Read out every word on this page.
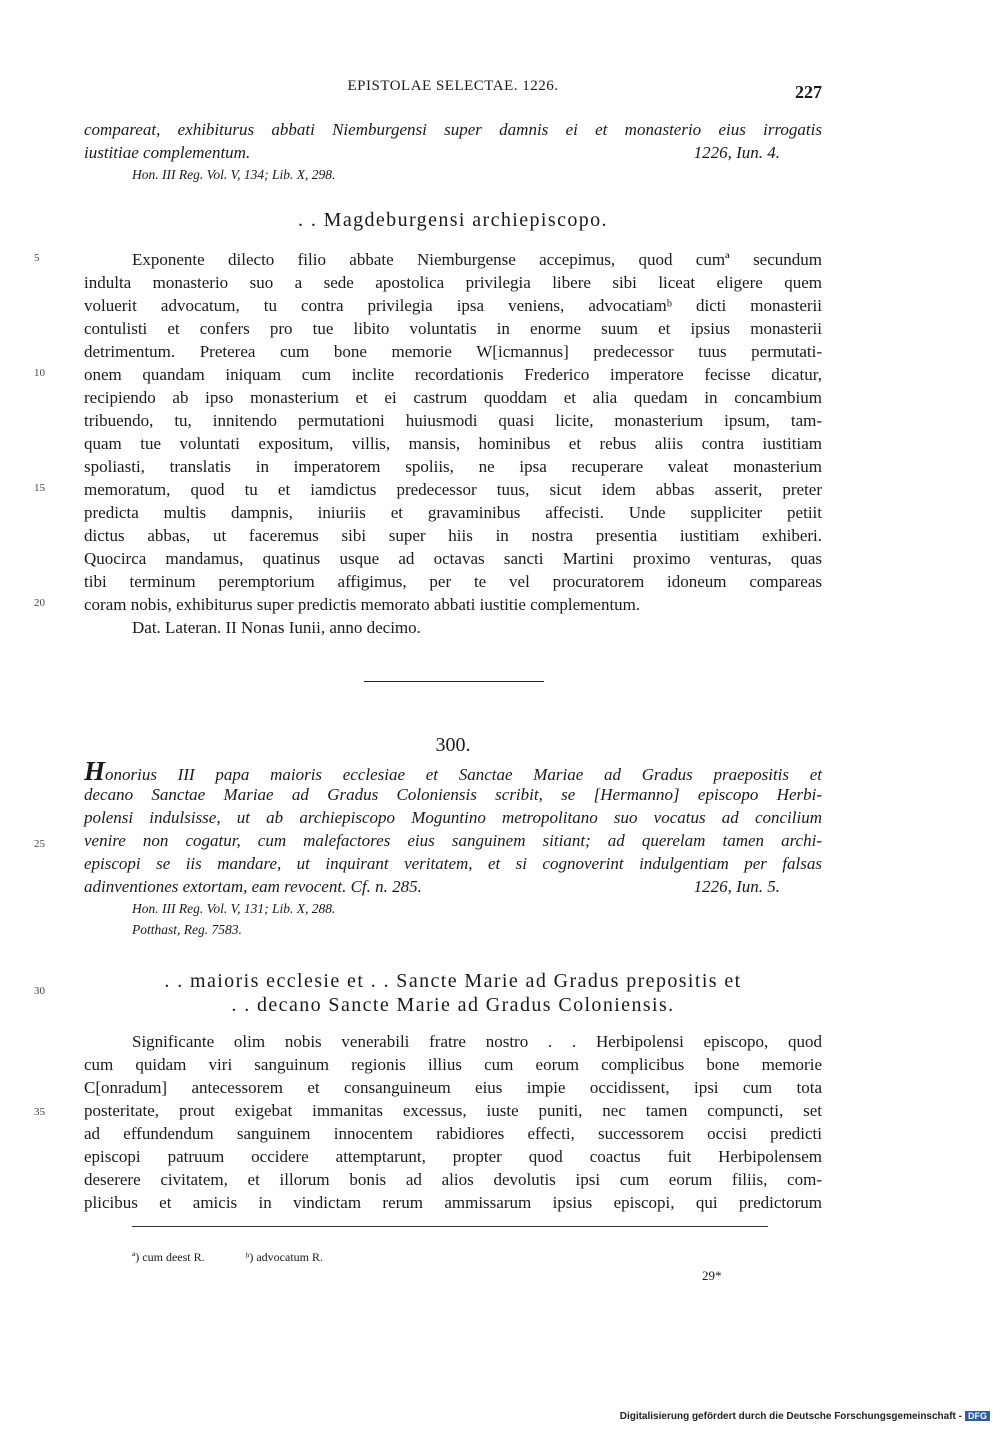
EPISTOLAE SELECTAE. 1226.	227
compareat, exhibiturus abbati Niemburgensi super damnis ei et monasterio eius irrogatis
iustitiae complementum.	1226, Iun. 4.
Hon. III Reg. Vol. V, 134; Lib. X, 298.
. . Magdeburgensi archiepiscopo.
Exponente dilecto filio abbate Niemburgense accepimus, quod cumª secundum
indulta monasterio suo a sede apostolica privilegia libere sibi liceat eligere quem
voluerit advocatum, tu contra privilegia ipsa veniens, advocatiamᵇ dicti monasterii
contulisti et confers pro tue libito voluntatis in enorme suum et ipsius monasterii
detrimentum. Preterea cum bone memorie W[icmannus] predecessor tuus permutati-
onem quandam iniquam cum inclite recordationis Frederico imperatore fecisse dicatur,
recipiendo ab ipso monasterium et ei castrum quoddam et alia quedam in concambium
tribuendo, tu, innitendo permutationi huiusmodi quasi licite, monasterium ipsum, tam-
quam tue voluntati expositum, villis, mansis, hominibus et rebus aliis contra iustitiam
spoliasti, translatis in imperatorem spoliis, ne ipsa recuperare valeat monasterium
memoratum, quod tu et iamdictus predecessor tuus, sicut idem abbas asserit, preter
predicta multis dampnis, iniuriis et gravaminibus affecisti. Unde suppliciter petiit
dictus abbas, ut faceremus sibi super hiis in nostra presentia iustitiam exhiberi.
Quocirca mandamus, quatinus usque ad octavas sancti Martini proximo venturas, quas
tibi terminum peremptorium affigimus, per te vel procuratorem idoneum compareas
coram nobis, exhibiturus super predictis memorato abbati iustitie complementum.
Dat. Lateran. II Nonas Iunii, anno decimo.
5
10
15
20
25
30
35
300.
Honorius III papa maioris ecclesiae et Sanctae Mariae ad Gradus praepositis et
decano Sanctae Mariae ad Gradus Coloniensis scribit, se [Hermanno] episcopo Herbi-
polensi indulsisse, ut ab archiepiscopo Moguntino metropolitano suo vocatus ad concilium
venire non cogatur, cum malefactores eius sanguinem sitiant; ad querelam tamen archi-
episcopi se iis mandare, ut inquirant veritatem, et si cognoverint indulgentiam per falsas
adinventiones extortam, eam revocent. Cf. n. 285.	1226, Iun. 5.
Hon. III Reg. Vol. V, 131; Lib. X, 288.
Potthast, Reg. 7583.
. . maioris ecclesie et . . Sancte Marie ad Gradus prepositis et
. . decano Sancte Marie ad Gradus Coloniensis.
Significante olim nobis venerabili fratre nostro . . Herbipolensi episcopo, quod
cum quidam viri sanguinum regionis illius cum eorum complicibus bone memorie
C[onradum] antecessorem et consanguineum eius impie occidissent, ipsi cum tota
posteritate, prout exigebat immanitas excessus, iuste puniti, nec tamen compuncti, set
ad effundendum sanguinem innocentem rabidiores effecti, successorem occisi predicti
episcopi patruum occidere attemptarunt, propter quod coactus fuit Herbipolensem
deserere civitatem, et illorum bonis ad alios devolutis ipsi cum eorum filiis, com-
plicibus et amicis in vindictam rerum ammissarum ipsius episcopi, qui predictorum
ª) cum deest R.	ᵇ) advocatum R.
29*
Digitalisierung gefördert durch die Deutsche Forschungsgemeinschaft - DFG
